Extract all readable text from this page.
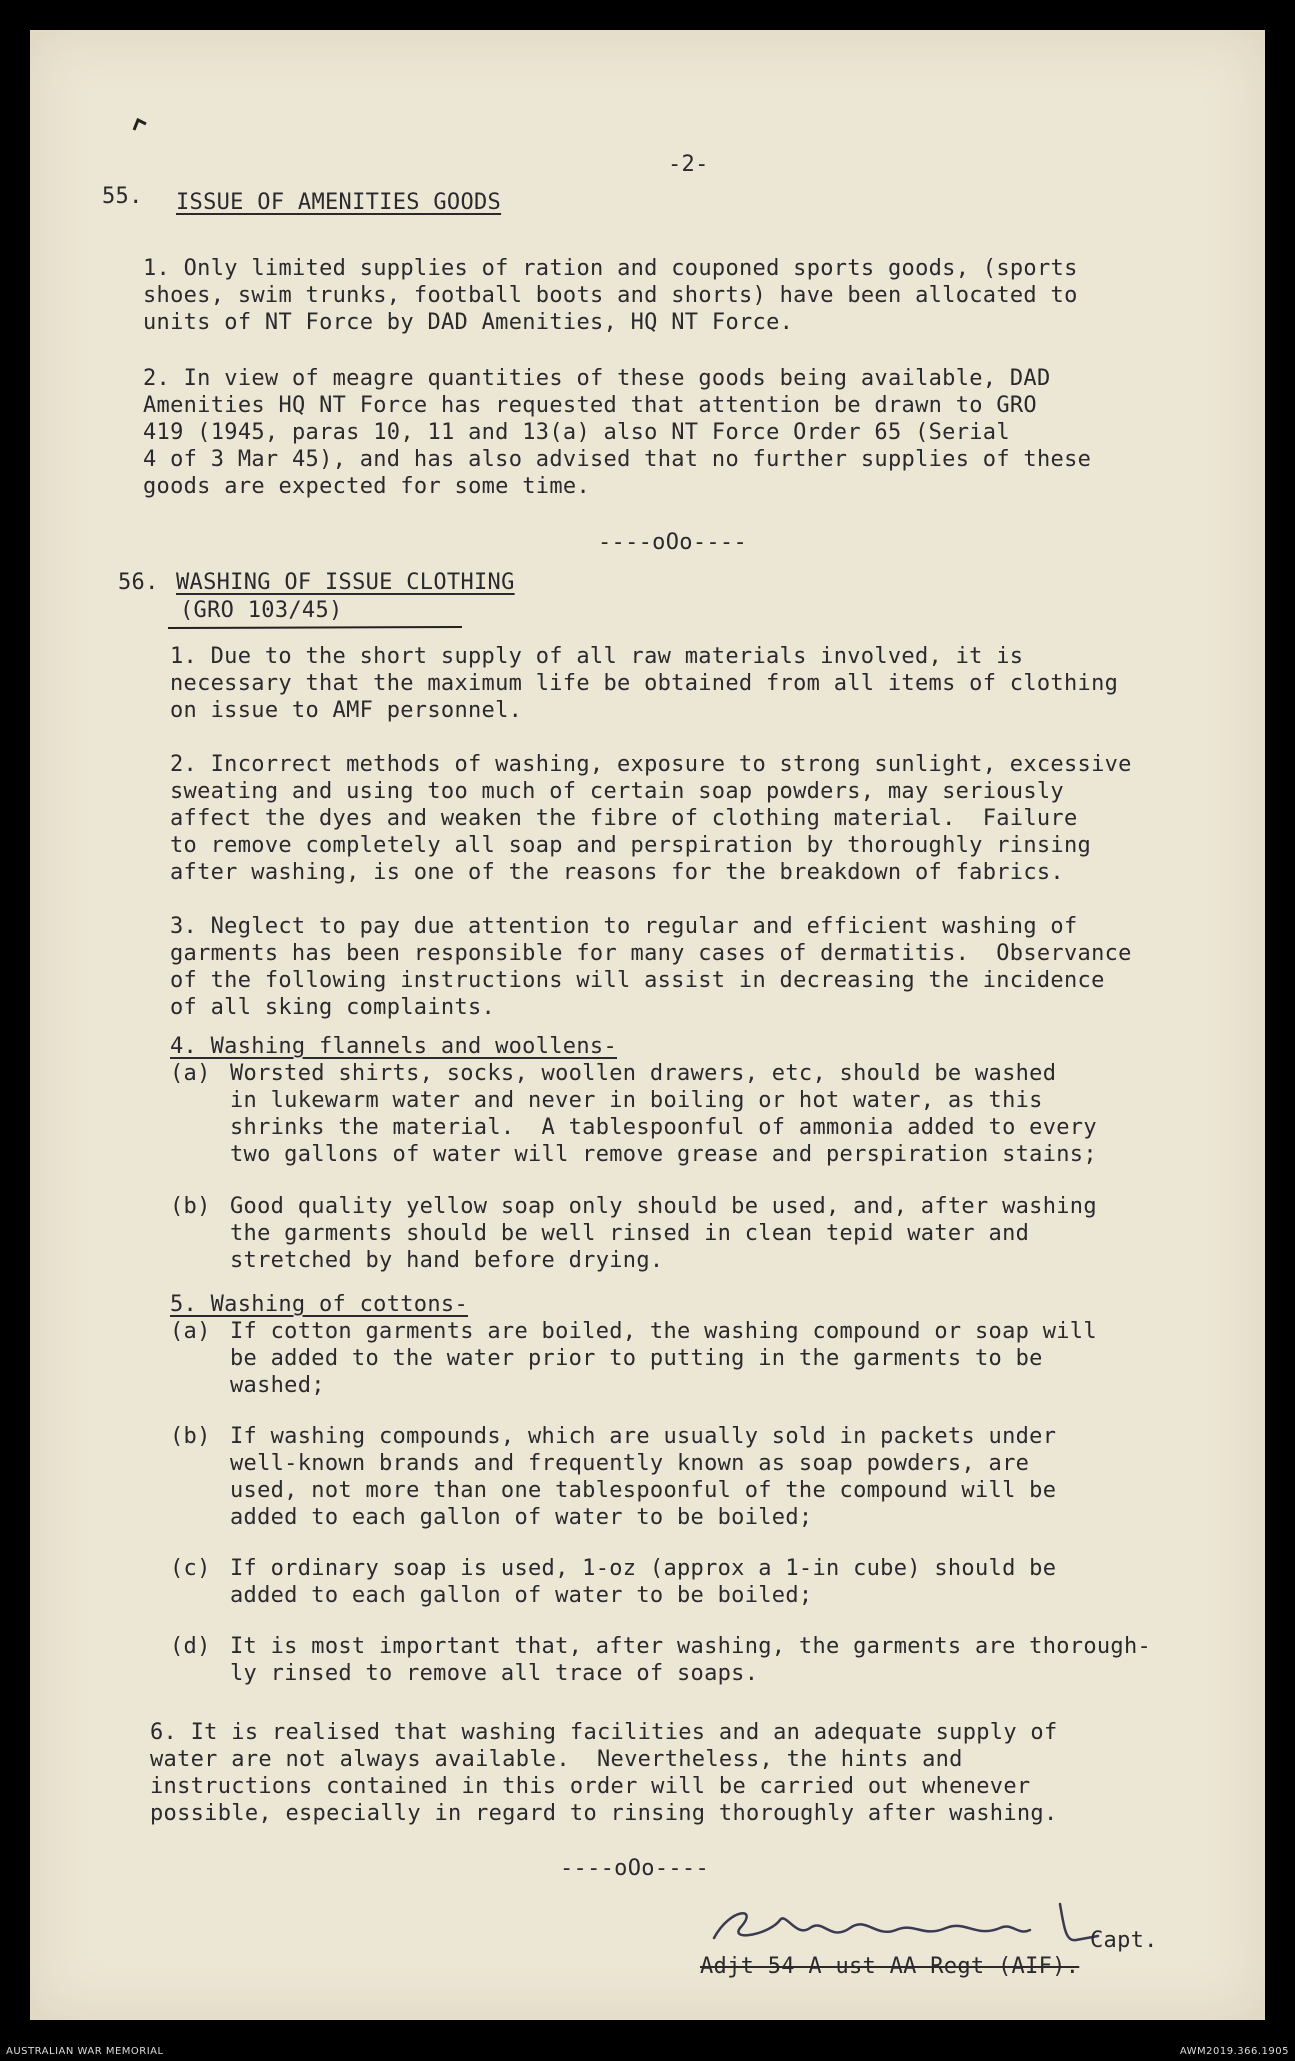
-2-
55. ISSUE OF AMENITIES GOODS
1. Only limited supplies of ration and couponed sports goods, (sports
shoes, swim trunks, football boots and shorts) have been allocated to
units of NT Force by DAD Amenities, HQ NT Force.
2. In view of meagre quantities of these goods being available, DAD
Amenities HQ NT Force has requested that attention be drawn to GRO
419 (1945, paras 10, 11 and 13(a) also NT Force Order 65 (Serial
4 of 3 Mar 45), and has also advised that no further supplies of these
goods are expected for some time.
----oOo----
56. WASHING OF ISSUE CLOTHING
(GRO 103/45)
1. Due to the short supply of all raw materials involved, it is
necessary that the maximum life be obtained from all items of clothing
on issue to AMF personnel.
2. Incorrect methods of washing, exposure to strong sunlight, excessive
sweating and using too much of certain soap powders, may seriously
affect the dyes and weaken the fibre of clothing material.  Failure
to remove completely all soap and perspiration by thoroughly rinsing
after washing, is one of the reasons for the breakdown of fabrics.
3. Neglect to pay due attention to regular and efficient washing of
garments has been responsible for many cases of dermatitis.  Observance
of the following instructions will assist in decreasing the incidence
of all sking complaints.
4. Washing flannels and woollens-
(a) Worsted shirts, socks, woollen drawers, etc, should be washed
in lukewarm water and never in boiling or hot water, as this
shrinks the material.  A tablespoonful of ammonia added to every
two gallons of water will remove grease and perspiration stains;
(b) Good quality yellow soap only should be used, and, after washing
the garments should be well rinsed in clean tepid water and
stretched by hand before drying.
5. Washing of cottons-
(a) If cotton garments are boiled, the washing compound or soap will
be added to the water prior to putting in the garments to be
washed;
(b) If washing compounds, which are usually sold in packets under
well-known brands and frequently known as soap powders, are
used, not more than one tablespoonful of the compound will be
added to each gallon of water to be boiled;
(c) If ordinary soap is used, 1-oz (approx a 1-in cube) should be
added to each gallon of water to be boiled;
(d) It is most important that, after washing, the garments are thorough-
ly rinsed to remove all trace of soaps.
6. It is realised that washing facilities and an adequate supply of
water are not always available.  Nevertheless, the hints and
instructions contained in this order will be carried out whenever
possible, especially in regard to rinsing thoroughly after washing.
----oOo----
Capt.
Adjt 54 A ust AA Regt (AIF).
AUSTRALIAN WAR MEMORIAL	AWM2019.366.1905
